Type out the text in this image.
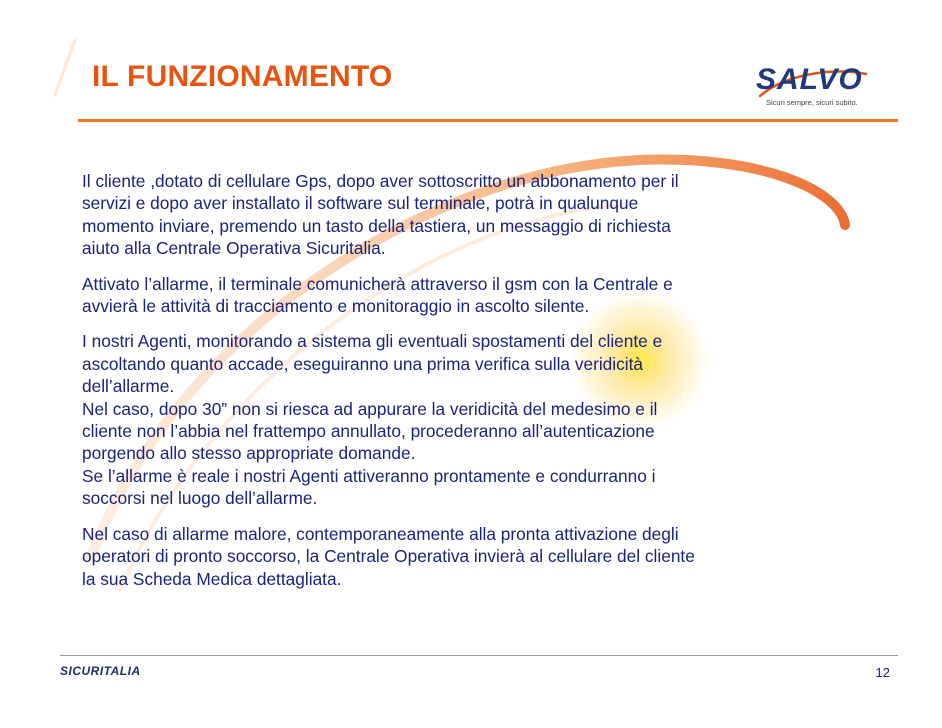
IL FUNZIONAMENTO	SALVO

Sicuri sempre, sicuri subito.

Il cliente ,dotato di cellulare Gps, dopo aver sottoscritto un abbonamento per il
servizi e dopo aver installato il software sul terminale, potrà in qualunque
momento inviare, premendo un tasto della tastiera, un messaggio di richiesta
aiuto alla Centrale Operativa Sicuritalia.

Attivato l’allarme, il terminale comunicherà attraverso il gsm con la Centrale e
avvierà le attività di tracciamento e monitoraggio in ascolto silente.

I nostri Agenti, monitorando a sistema gli eventuali spostamenti del cliente e
ascoltando quanto accade, eseguiranno una prima verifica sulla veridicità
dell’allarme.
Nel caso, dopo 30” non si riesca ad appurare la veridicità del medesimo e il
cliente non l’abbia nel frattempo annullato, procederanno all’autenticazione
porgendo allo stesso appropriate domande.
Se l’allarme è reale i nostri Agenti attiveranno prontamente e condurranno i
soccorsi nel luogo dell’allarme.

Nel caso di allarme malore, contemporaneamente alla pronta attivazione degli
operatori di pronto soccorso, la Centrale Operativa invierà al cellulare del cliente
la sua Scheda Medica dettagliata.

SICURITALIA	12
